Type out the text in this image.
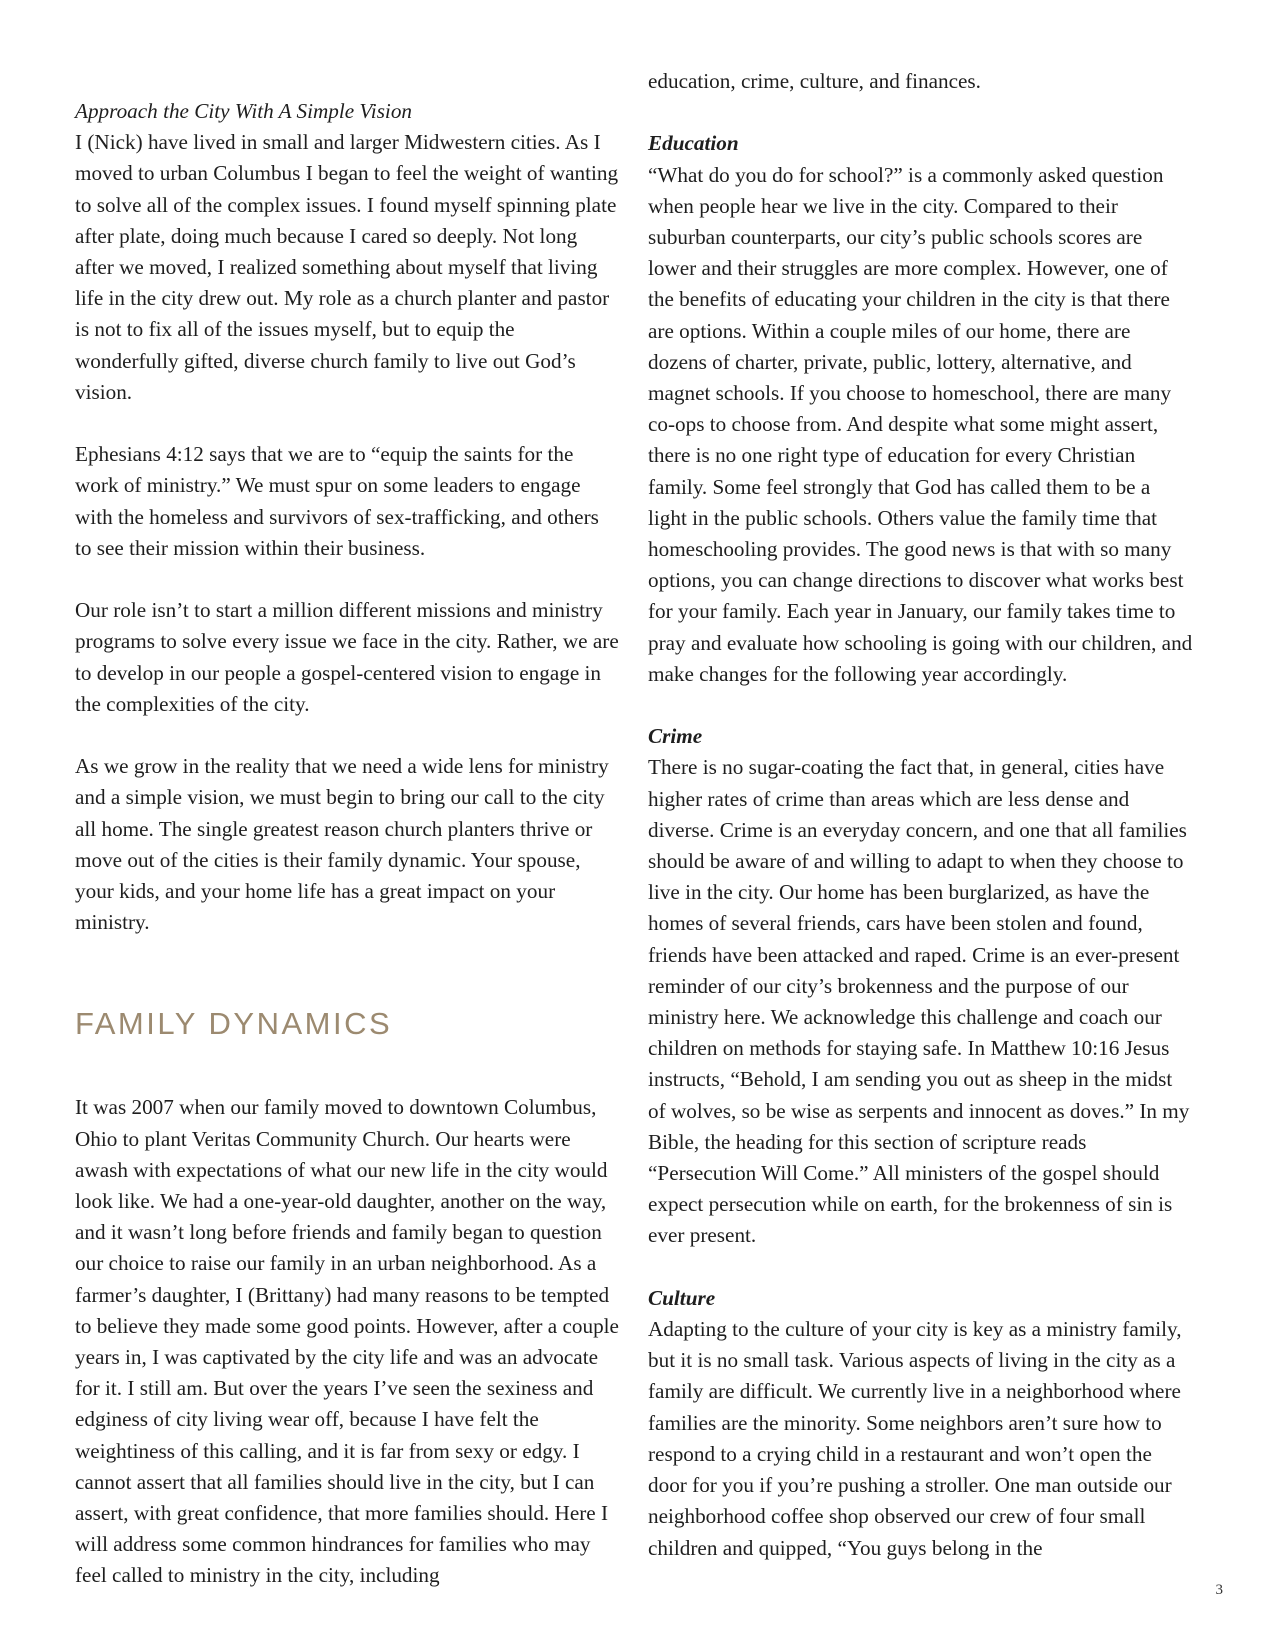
Approach the City With A Simple Vision

I (Nick) have lived in small and larger Midwestern cities. As I moved to urban Columbus I began to feel the weight of wanting to solve all of the complex issues. I found myself spinning plate after plate, doing much because I cared so deeply. Not long after we moved, I realized something about myself that living life in the city drew out. My role as a church planter and pastor is not to fix all of the issues myself, but to equip the wonderfully gifted, diverse church family to live out God’s vision.

Ephesians 4:12 says that we are to “equip the saints for the work of ministry.” We must spur on some leaders to engage with the homeless and survivors of sex-trafficking, and others to see their mission within their business.

Our role isn’t to start a million different missions and ministry programs to solve every issue we face in the city. Rather, we are to develop in our people a gospel-centered vision to engage in the complexities of the city.

As we grow in the reality that we need a wide lens for ministry and a simple vision, we must begin to bring our call to the city all home. The single greatest reason church planters thrive or move out of the cities is their family dynamic. Your spouse, your kids, and your home life has a great impact on your ministry.

FAMILY DYNAMICS

It was 2007 when our family moved to downtown Columbus, Ohio to plant Veritas Community Church. Our hearts were awash with expectations of what our new life in the city would look like. We had a one-year-old daughter, another on the way, and it wasn’t long before friends and family began to question our choice to raise our family in an urban neighborhood. As a farmer’s daughter, I (Brittany) had many reasons to be tempted to believe they made some good points. However, after a couple years in, I was captivated by the city life and was an advocate for it. I still am. But over the years I’ve seen the sexiness and edginess of city living wear off, because I have felt the weightiness of this calling, and it is far from sexy or edgy. I cannot assert that all families should live in the city, but I can assert, with great confidence, that more families should. Here I will address some common hindrances for families who may feel called to ministry in the city, including

education, crime, culture, and finances.

Education

“What do you do for school?” is a commonly asked question when people hear we live in the city. Compared to their suburban counterparts, our city’s public schools scores are lower and their struggles are more complex. However, one of the benefits of educating your children in the city is that there are options. Within a couple miles of our home, there are dozens of charter, private, public, lottery, alternative, and magnet schools. If you choose to homeschool, there are many co-ops to choose from. And despite what some might assert, there is no one right type of education for every Christian family. Some feel strongly that God has called them to be a light in the public schools. Others value the family time that homeschooling provides. The good news is that with so many options, you can change directions to discover what works best for your family. Each year in January, our family takes time to pray and evaluate how schooling is going with our children, and make changes for the following year accordingly.

Crime

There is no sugar-coating the fact that, in general, cities have higher rates of crime than areas which are less dense and diverse. Crime is an everyday concern, and one that all families should be aware of and willing to adapt to when they choose to live in the city. Our home has been burglarized, as have the homes of several friends, cars have been stolen and found, friends have been attacked and raped. Crime is an ever-present reminder of our city’s brokenness and the purpose of our ministry here. We acknowledge this challenge and coach our children on methods for staying safe. In Matthew 10:16 Jesus instructs, “Behold, I am sending you out as sheep in the midst of wolves, so be wise as serpents and innocent as doves.” In my Bible, the heading for this section of scripture reads “Persecution Will Come.” All ministers of the gospel should expect persecution while on earth, for the brokenness of sin is ever present.

Culture

Adapting to the culture of your city is key as a ministry family, but it is no small task. Various aspects of living in the city as a family are difficult. We currently live in a neighborhood where families are the minority. Some neighbors aren’t sure how to respond to a crying child in a restaurant and won’t open the door for you if you’re pushing a stroller. One man outside our neighborhood coffee shop observed our crew of four small children and quipped, “You guys belong in the

3
